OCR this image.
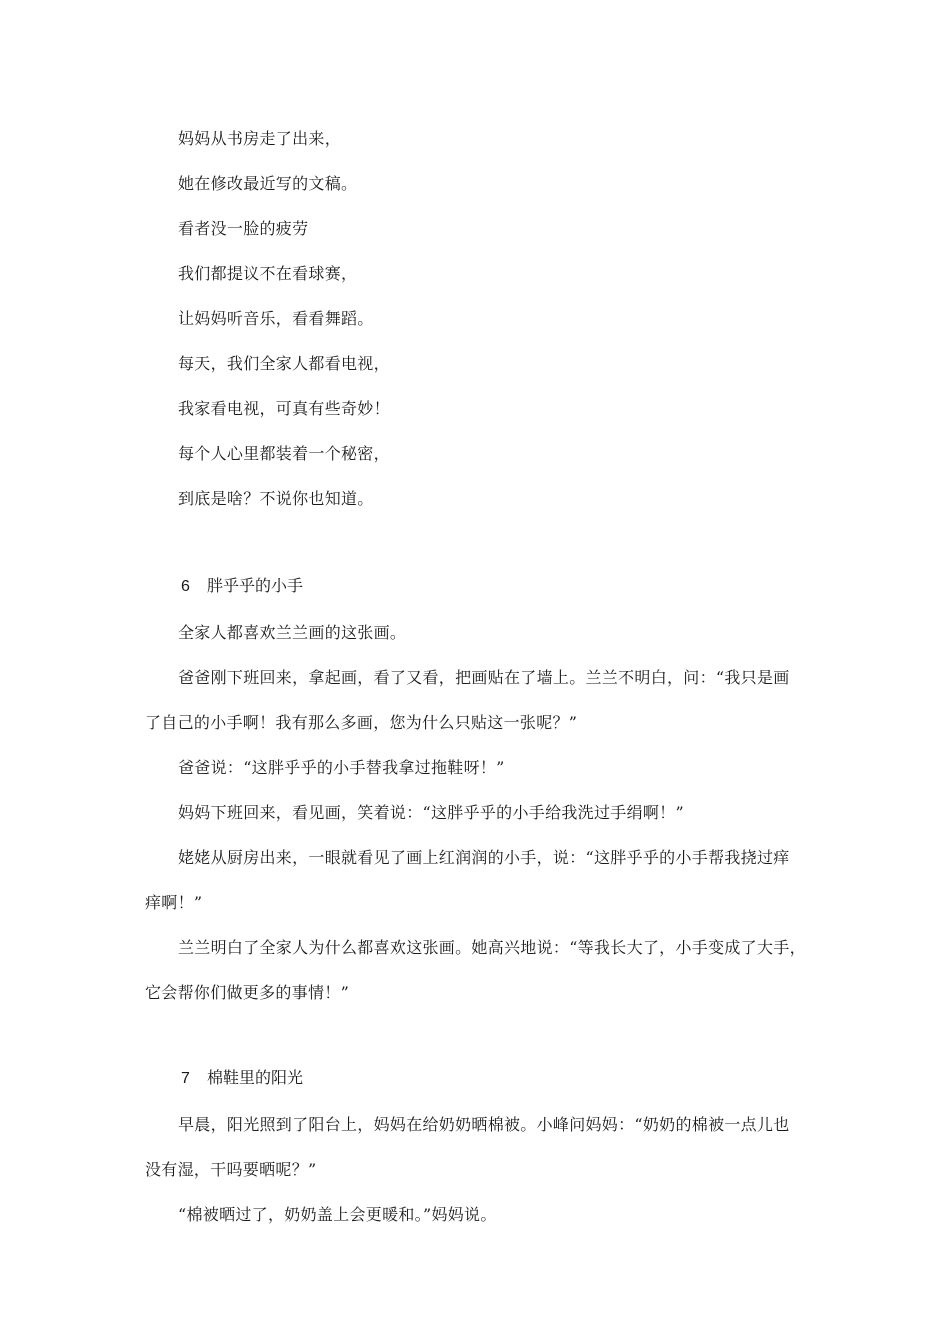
妈妈从书房走了出来，
她在修改最近写的文稿。
看者没一脸的疲劳
我们都提议不在看球赛，
让妈妈听音乐，看看舞蹈。
每天，我们全家人都看电视，
我家看电视，可真有些奇妙！
每个人心里都装着一个秘密，
到底是啥？不说你也知道。
6 胖乎乎的小手
全家人都喜欢兰兰画的这张画。
爸爸刚下班回来，拿起画，看了又看，把画贴在了墙上。兰兰不明白，问：“我只是画
了自己的小手啊！我有那么多画，您为什么只贴这一张呢？”
爸爸说：“这胖乎乎的小手替我拿过拖鞋呀！”
妈妈下班回来，看见画，笑着说：“这胖乎乎的小手给我洗过手绢啊！”
姥姥从厨房出来，一眼就看见了画上红润润的小手，说：“这胖乎乎的小手帮我挠过痒
痒啊！”
兰兰明白了全家人为什么都喜欢这张画。她高兴地说：“等我长大了，小手变成了大手，
它会帮你们做更多的事情！”
7 棉鞋里的阳光
早晨，阳光照到了阳台上，妈妈在给奶奶晒棉被。小峰问妈妈：“奶奶的棉被一点儿也
没有湿，干吗要晒呢？”
“棉被晒过了，奶奶盖上会更暖和。”妈妈说。
